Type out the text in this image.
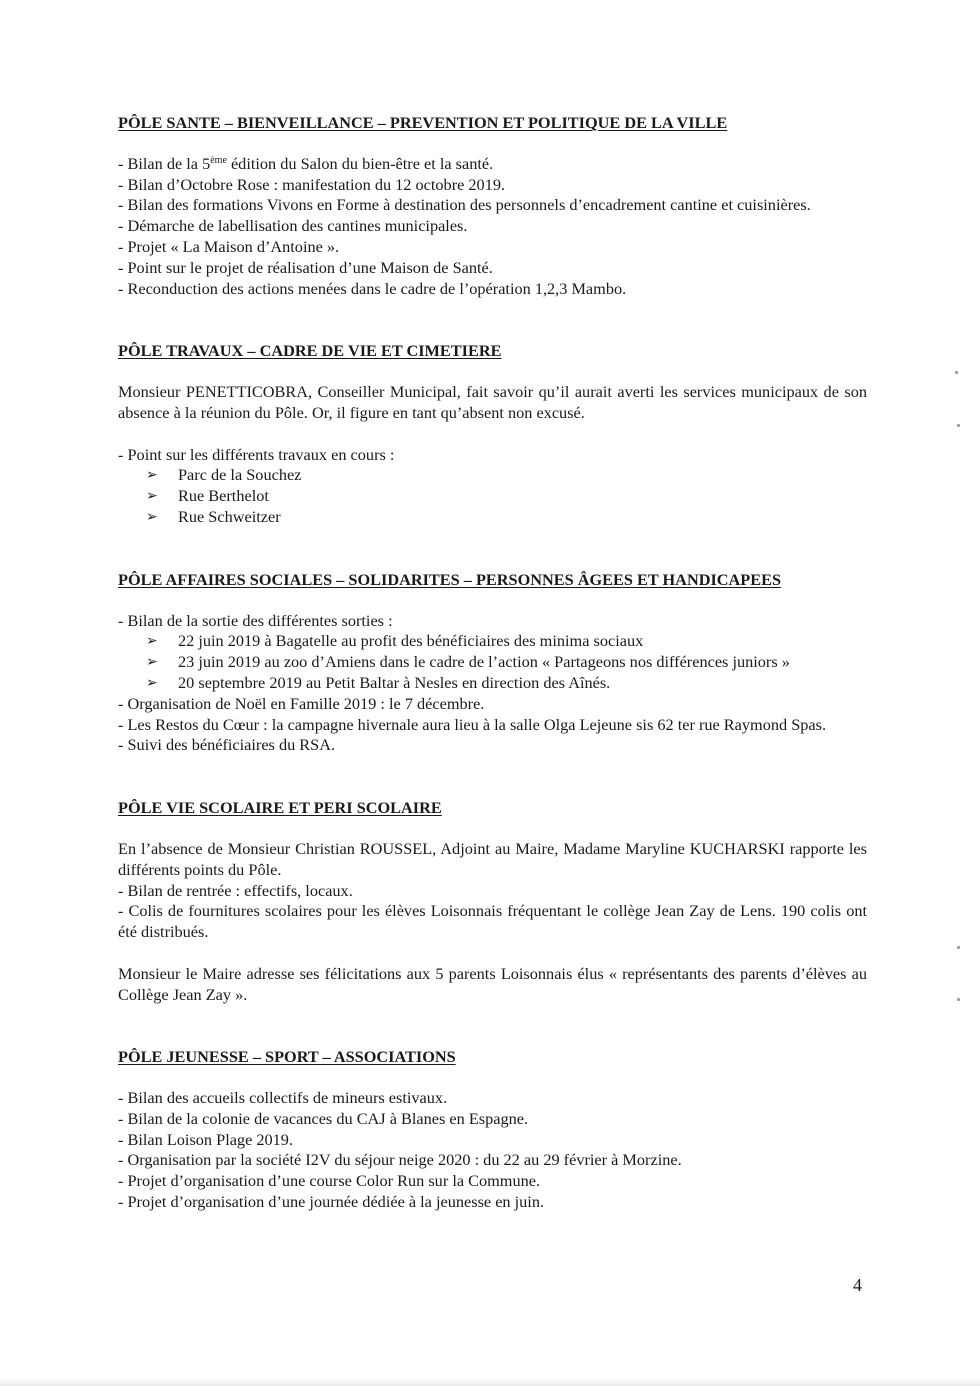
PÔLE SANTE – BIENVEILLANCE – PREVENTION ET POLITIQUE DE LA VILLE

- Bilan de la 5ème édition du Salon du bien-être et la santé.

- Bilan d’Octobre Rose : manifestation du 12 octobre 2019.

- Bilan des formations Vivons en Forme à destination des personnels d’encadrement cantine et cuisinières.

- Démarche de labellisation des cantines municipales.

- Projet « La Maison d’Antoine ».

- Point sur le projet de réalisation d’une Maison de Santé.

- Reconduction des actions menées dans le cadre de l’opération 1,2,3 Mambo.

PÔLE TRAVAUX – CADRE DE VIE ET CIMETIERE

Monsieur PENETTICOBRA, Conseiller Municipal, fait savoir qu’il aurait averti les services municipaux de son absence à la réunion du Pôle. Or, il figure en tant qu’absent non excusé.

- Point sur les différents travaux en cours :

➢ Parc de la Souchez
➢ Rue Berthelot
➢ Rue Schweitzer

PÔLE AFFAIRES SOCIALES – SOLIDARITES – PERSONNES ÂGEES ET HANDICAPEES

- Bilan de la sortie des différentes sorties :

➢ 22 juin 2019 à Bagatelle au profit des bénéficiaires des minima sociaux
➢ 23 juin 2019 au zoo d’Amiens dans le cadre de l’action « Partageons nos différences juniors »
➢ 20 septembre 2019 au Petit Baltar à Nesles en direction des Aînés.

- Organisation de Noël en Famille 2019 : le 7 décembre.

- Les Restos du Cœur : la campagne hivernale aura lieu à la salle Olga Lejeune sis 62 ter rue Raymond Spas.

- Suivi des bénéficiaires du RSA.

PÔLE VIE SCOLAIRE ET PERI SCOLAIRE

En l’absence de Monsieur Christian ROUSSEL, Adjoint au Maire, Madame Maryline KUCHARSKI rapporte les différents points du Pôle.

- Bilan de rentrée : effectifs, locaux.

- Colis de fournitures scolaires pour les élèves Loisonnais fréquentant le collège Jean Zay de Lens. 190 colis ont été distribués.

Monsieur le Maire adresse ses félicitations aux 5 parents Loisonnais élus « représentants des parents d’élèves au Collège Jean Zay ».

PÔLE JEUNESSE – SPORT – ASSOCIATIONS

- Bilan des accueils collectifs de mineurs estivaux.

- Bilan de la colonie de vacances du CAJ à Blanes en Espagne.

- Bilan Loison Plage 2019.

- Organisation par la société I2V du séjour neige 2020 : du 22 au 29 février à Morzine.

- Projet d’organisation d’une course Color Run sur la Commune.

- Projet d’organisation d’une journée dédiée à la jeunesse en juin.

4
